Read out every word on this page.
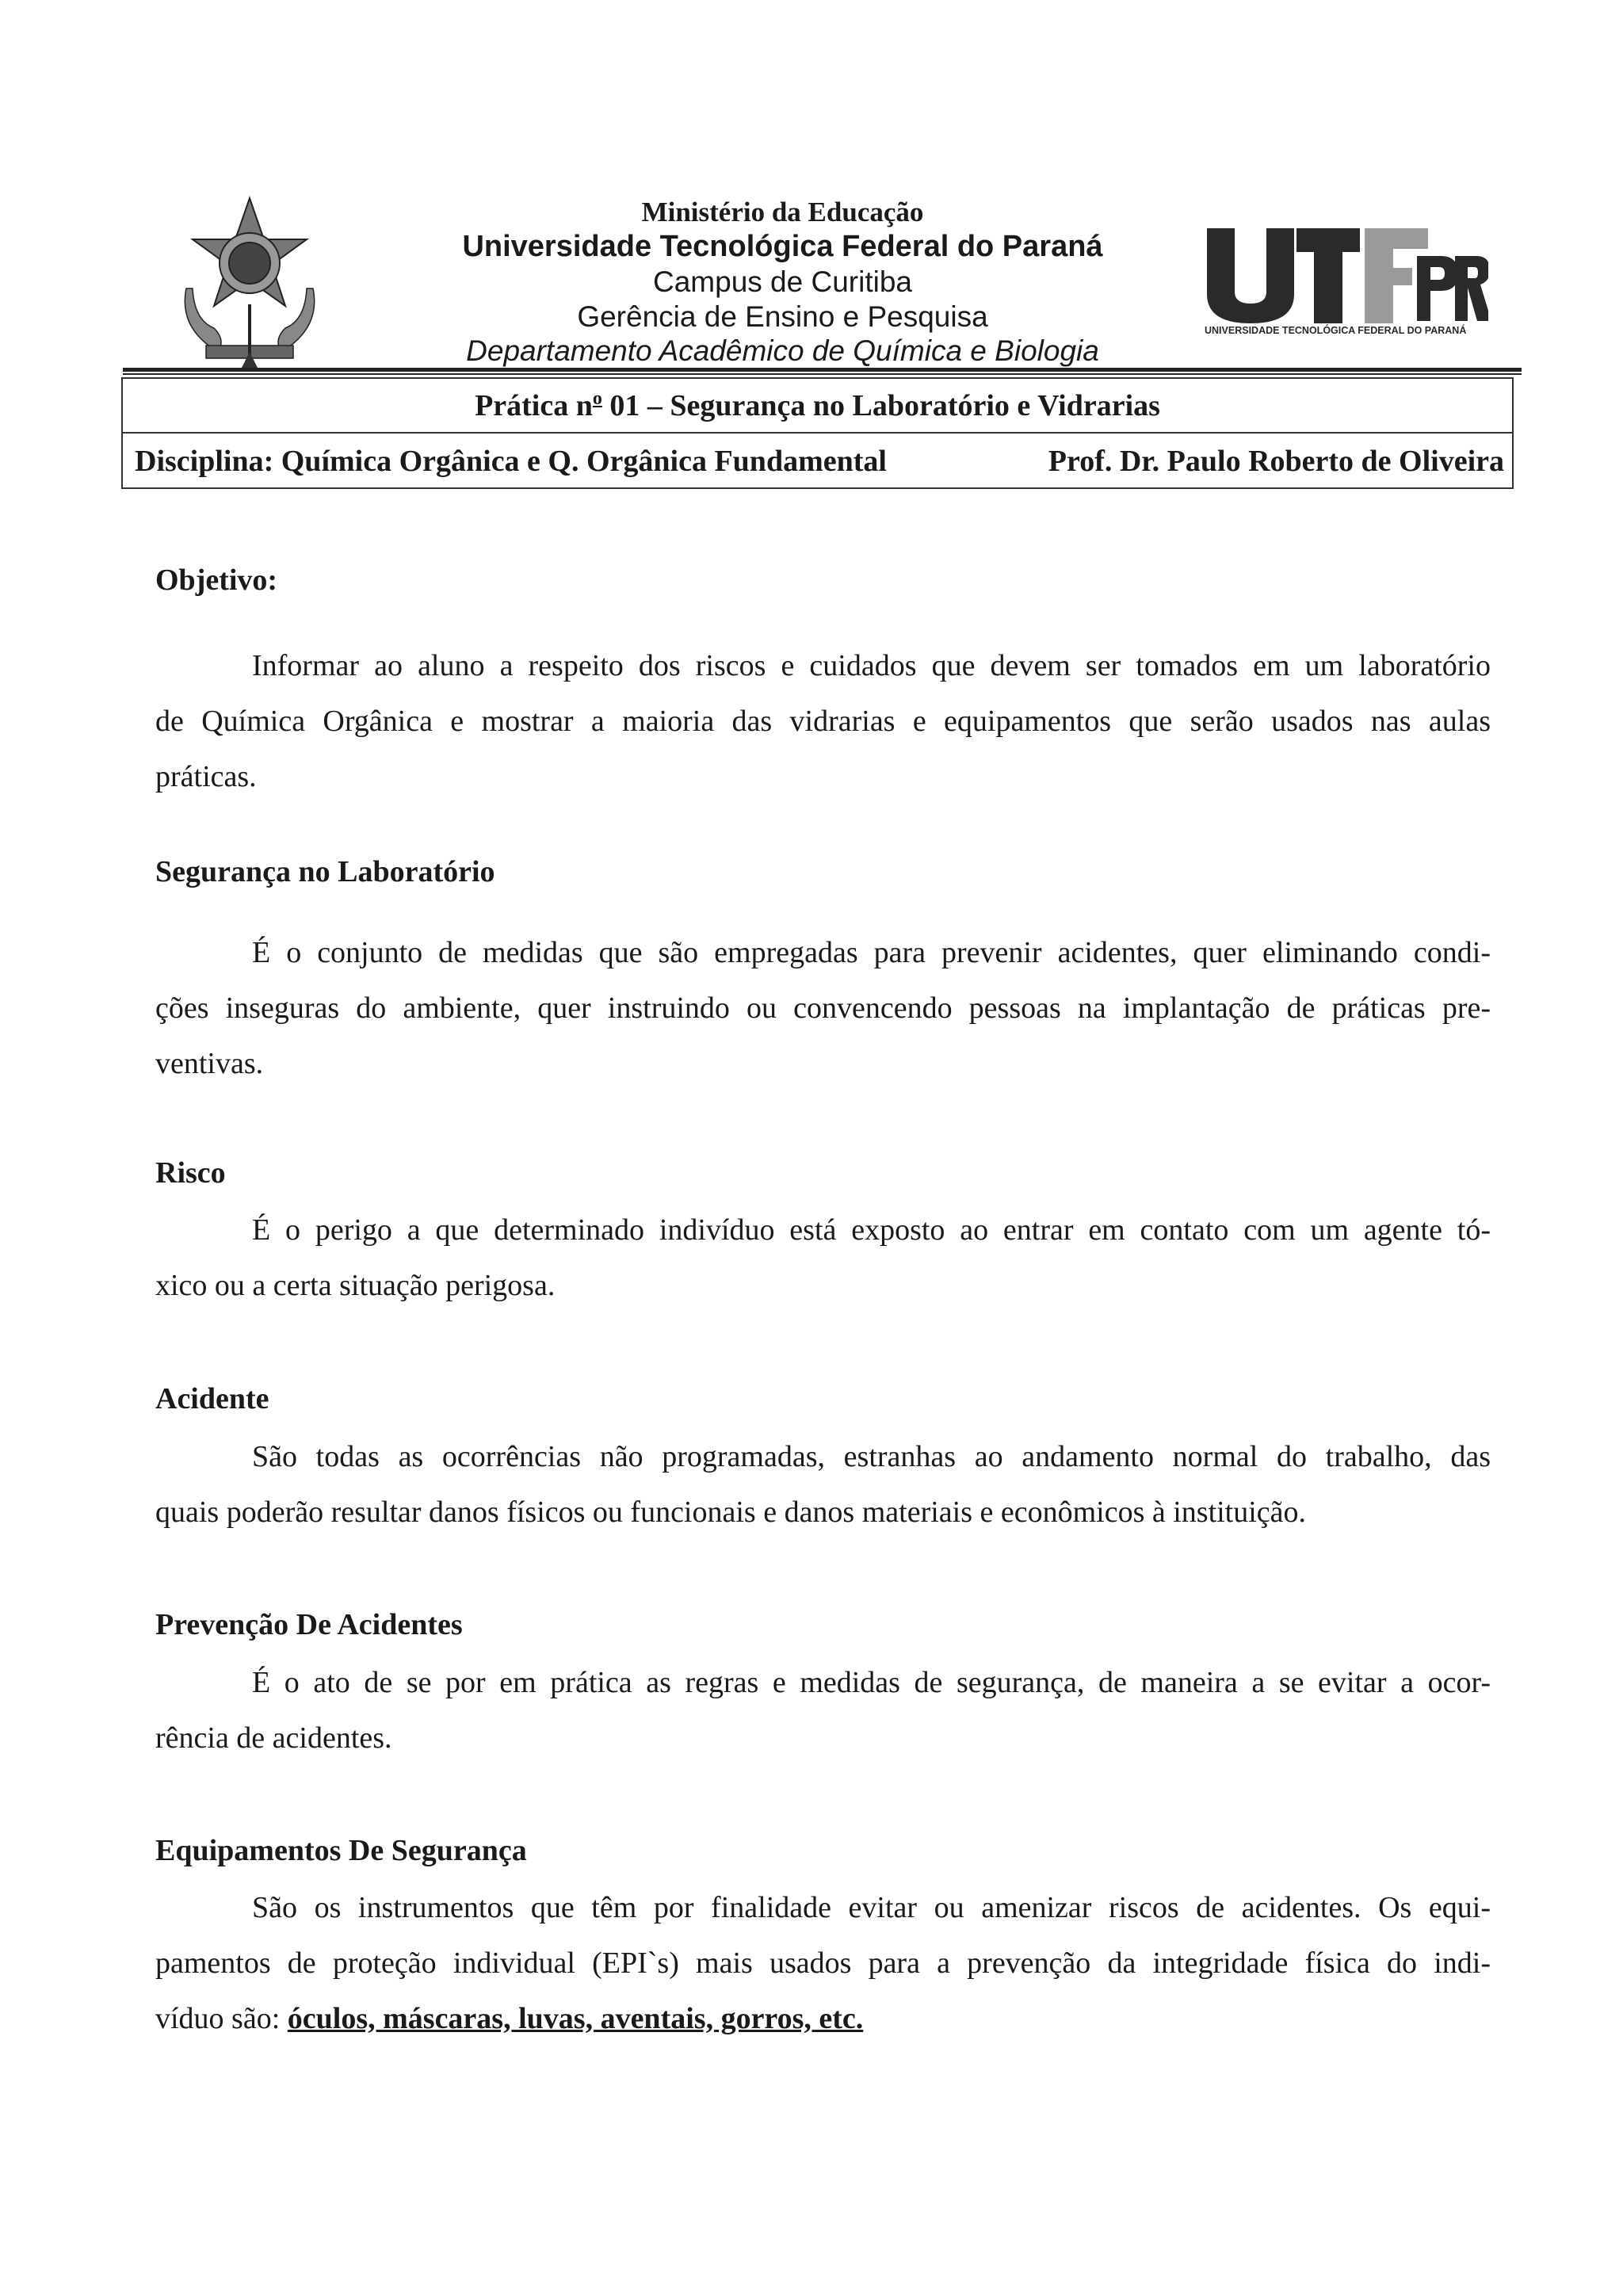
Ministério da Educação
Universidade Tecnológica Federal do Paraná
Campus de Curitiba
Gerência de Ensino e Pesquisa
Departamento Acadêmico de Química e Biologia
UNIVERSIDADE TECNOLÓGICA FEDERAL DO PARANÁ
Prática $n^o$ 01 – Segurança no Laboratório e Vidrarias
Disciplina: Química Orgânica e Q. Orgânica Fundamental	Prof. Dr. Paulo Roberto de Oliveira
Objetivo:
Informar ao aluno a respeito dos riscos e cuidados que devem ser tomados em um laboratório
de Química Orgânica e mostrar a maioria das vidrarias e equipamentos que serão usados nas aulas
práticas.
Segurança no Laboratório
É o conjunto de medidas que são empregadas para prevenir acidentes, quer eliminando condi-
ções inseguras do ambiente, quer instruindo ou convencendo pessoas na implantação de práticas pre-
ventivas.
Risco
É o perigo a que determinado indivíduo está exposto ao entrar em contato com um agente tó-
xico ou a certa situação perigosa.
Acidente
São todas as ocorrências não programadas, estranhas ao andamento normal do trabalho, das
quais poderão resultar danos físicos ou funcionais e danos materiais e econômicos à instituição.
Prevenção De Acidentes
É o ato de se por em prática as regras e medidas de segurança, de maneira a se evitar a ocor-
rência de acidentes.
Equipamentos De Segurança
São os instrumentos que têm por finalidade evitar ou amenizar riscos de acidentes. Os equi-
pamentos de proteção individual (EPI`s) mais usados para a prevenção da integridade física do indi-
víduo são: óculos, máscaras, luvas, aventais, gorros, etc.
